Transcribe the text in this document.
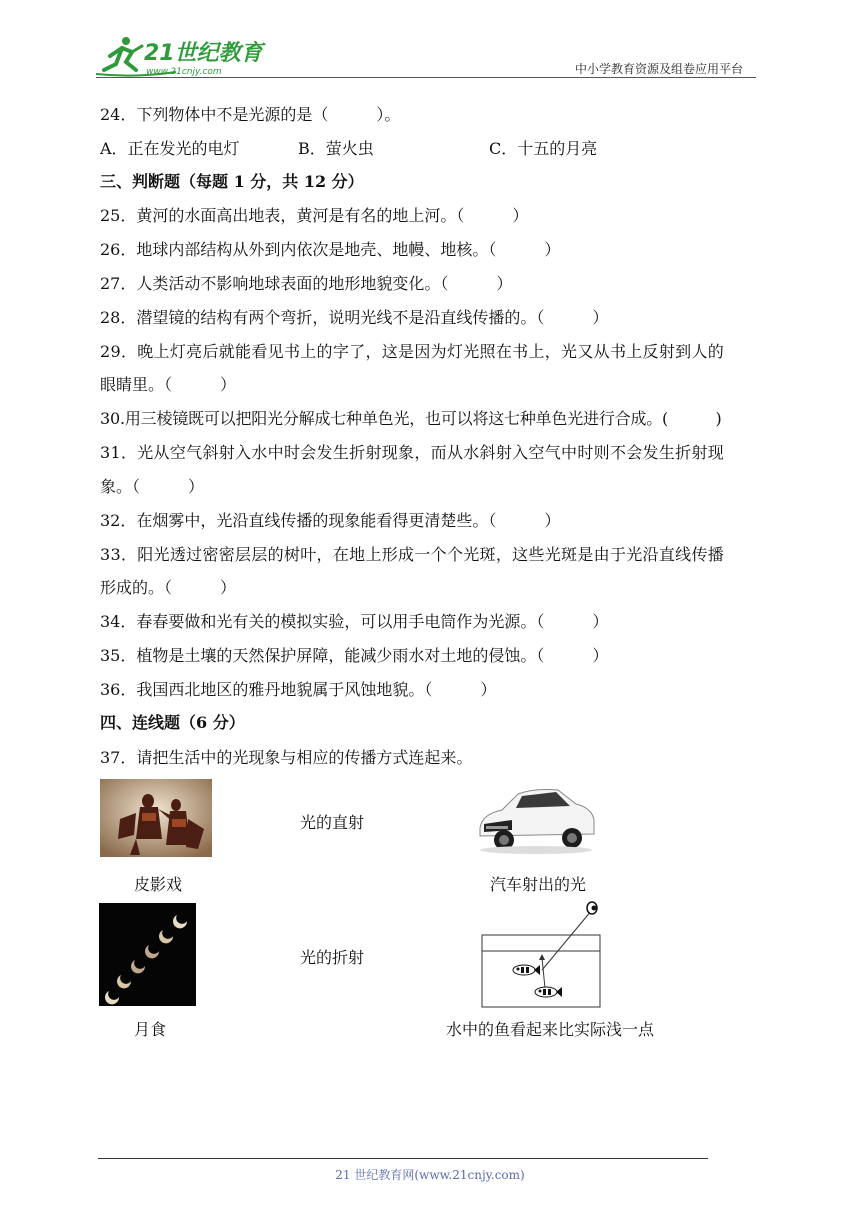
21世纪教育
www.21cnjy.com	中小学教育资源及组卷应用平台
24．下列物体中不是光源的是（　　　）。
A．正在发光的电灯	B．萤火虫	C．十五的月亮
三、判断题（每题 1 分，共 12 分）
25．黄河的水面高出地表，黄河是有名的地上河。（　　　）
26．地球内部结构从外到内依次是地壳、地幔、地核。（　　　）
27．人类活动不影响地球表面的地形地貌变化。（　　　）
28．潜望镜的结构有两个弯折，说明光线不是沿直线传播的。（　　　）
29．晚上灯亮后就能看见书上的字了，这是因为灯光照在书上，光又从书上反射到人的
眼睛里。（　　　）
30.用三棱镜既可以把阳光分解成七种单色光，也可以将这七种单色光进行合成。(　　　)
31．光从空气斜射入水中时会发生折射现象，而从水斜射入空气中时则不会发生折射现
象。（　　　）
32．在烟雾中，光沿直线传播的现象能看得更清楚些。（　　　）
33．阳光透过密密层层的树叶，在地上形成一个个光斑，这些光斑是由于光沿直线传播
形成的。（　　　）
34．春春要做和光有关的模拟实验，可以用手电筒作为光源。（　　　）
35．植物是土壤的天然保护屏障，能减少雨水对土地的侵蚀。（　　　）
36．我国西北地区的雅丹地貌属于风蚀地貌。（　　　）
四、连线题（6 分）
37．请把生活中的光现象与相应的传播方式连起来。
皮影戏
光的直射
汽车射出的光
月食
光的折射
水中的鱼看起来比实际浅一点
21 世纪教育网(www.21cnjy.com)
